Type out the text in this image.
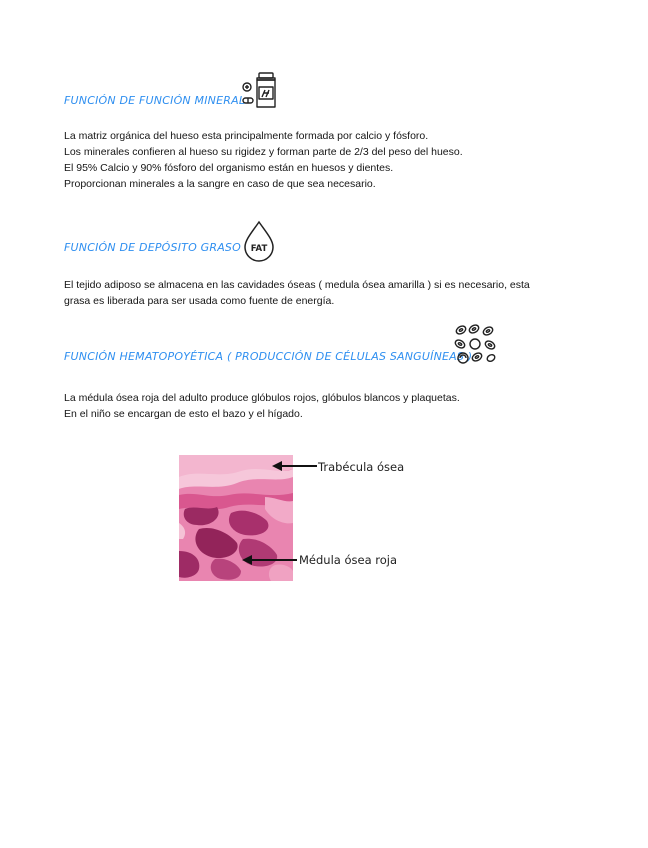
FUNCIÓN DE FUNCIÓN MINERAL
La matriz orgánica del hueso esta principalmente formada por calcio y fósforo.
Los minerales confieren al hueso su rigidez y forman parte de 2/3 del peso del hueso.
El 95% Calcio y 90% fósforo del organismo están en huesos y dientes.
Proporcionan minerales a la sangre en caso de que sea necesario.
FUNCIÓN DE DEPÓSITO GRASO FAT
El tejido adiposo se almacena en las cavidades óseas ( medula ósea amarilla ) si es necesario, esta
grasa es liberada para ser usada como fuente de energía.
FUNCIÓN HEMATOPOYÉTICA ( PRODUCCIÓN DE CÉLULAS SANGUÍNEAS )
La médula ósea roja del adulto produce glóbulos rojos, glóbulos blancos y plaquetas.
En el niño se encargan de esto el bazo y el hígado.
Trabécula ósea
Médula ósea roja
